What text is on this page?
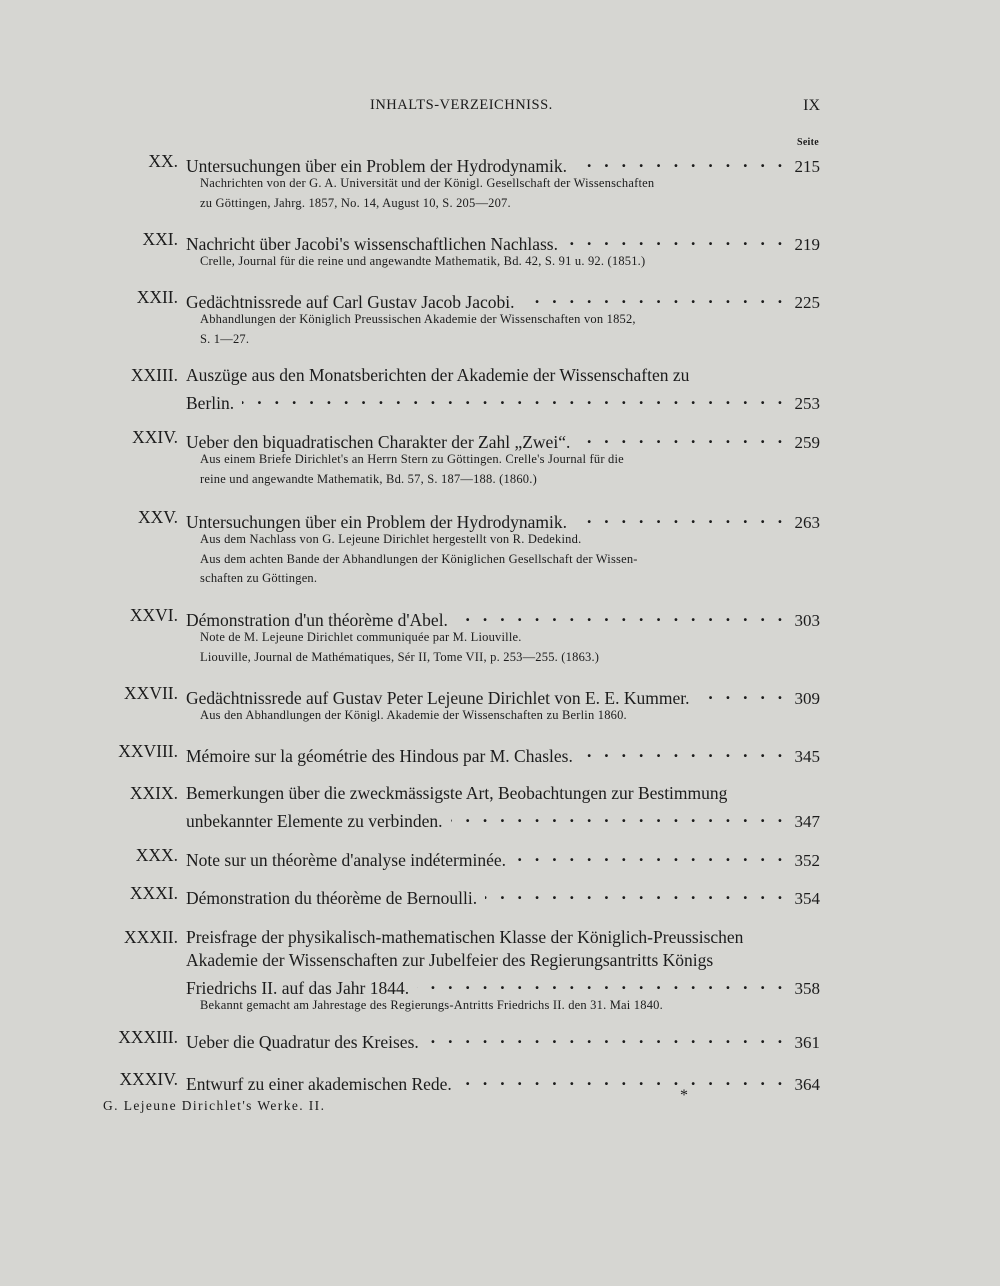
INHALTS-VERZEICHNISS.	IX
Seite
XX. Untersuchungen über ein Problem der Hydrodynamik. . . .	215
Nachrichten von der G. A. Universität und der Königl. Gesellschaft der Wissenschaften
zu Göttingen, Jahrg. 1857, No. 14, August 10, S. 205—207.
XXI. Nachricht über Jacobi's wissenschaftlichen Nachlass. . . .	219
Crelle, Journal für die reine und angewandte Mathematik, Bd. 42, S. 91 u. 92. (1851.)
XXII. Gedächtnissrede auf Carl Gustav Jacob Jacobi. . . .	225
Abhandlungen der Königlich Preussischen Akademie der Wissenschaften von 1852,
S. 1—27.
XXIII. Auszüge aus den Monatsberichten der Akademie der Wissenschaften zu
Berlin. . . .	253
XXIV. Ueber den biquadratischen Charakter der Zahl „Zwei“. . . .	259
Aus einem Briefe Dirichlet's an Herrn Stern zu Göttingen. Crelle's Journal für die
reine und angewandte Mathematik, Bd. 57, S. 187—188. (1860.)
XXV. Untersuchungen über ein Problem der Hydrodynamik. . . .	263
Aus dem Nachlass von G. Lejeune Dirichlet hergestellt von R. Dedekind.
Aus dem achten Bande der Abhandlungen der Königlichen Gesellschaft der Wissen-
schaften zu Göttingen.
XXVI. Démonstration d'un théorème d'Abel. . . .	303
Note de M. Lejeune Dirichlet communiquée par M. Liouville.
Liouville, Journal de Mathématiques, Sér II, Tome VII, p. 253—255. (1863.)
XXVII. Gedächtnissrede auf Gustav Peter Lejeune Dirichlet von E. E. Kummer. . . .	309
Aus den Abhandlungen der Königl. Akademie der Wissenschaften zu Berlin 1860.
XXVIII. Mémoire sur la géométrie des Hindous par M. Chasles. . . .	345
XXIX. Bemerkungen über die zweckmässigste Art, Beobachtungen zur Bestimmung
unbekannter Elemente zu verbinden. . . .	347
XXX. Note sur un théorème d'analyse indéterminée. . . .	352
XXXI. Démonstration du théorème de Bernoulli. . . .	354
XXXII. Preisfrage der physikalisch-mathematischen Klasse der Königlich-Preussischen
Akademie der Wissenschaften zur Jubelfeier des Regierungsantritts Königs
Friedrichs II. auf das Jahr 1844. . . .	358
Bekannt gemacht am Jahrestage des Regierungs-Antritts Friedrichs II. den 31. Mai 1840.
XXXIII. Ueber die Quadratur des Kreises. . . .	361
XXXIV. Entwurf zu einer akademischen Rede. . . .	364
G. Lejeune Dirichlet's Werke. II.
*
